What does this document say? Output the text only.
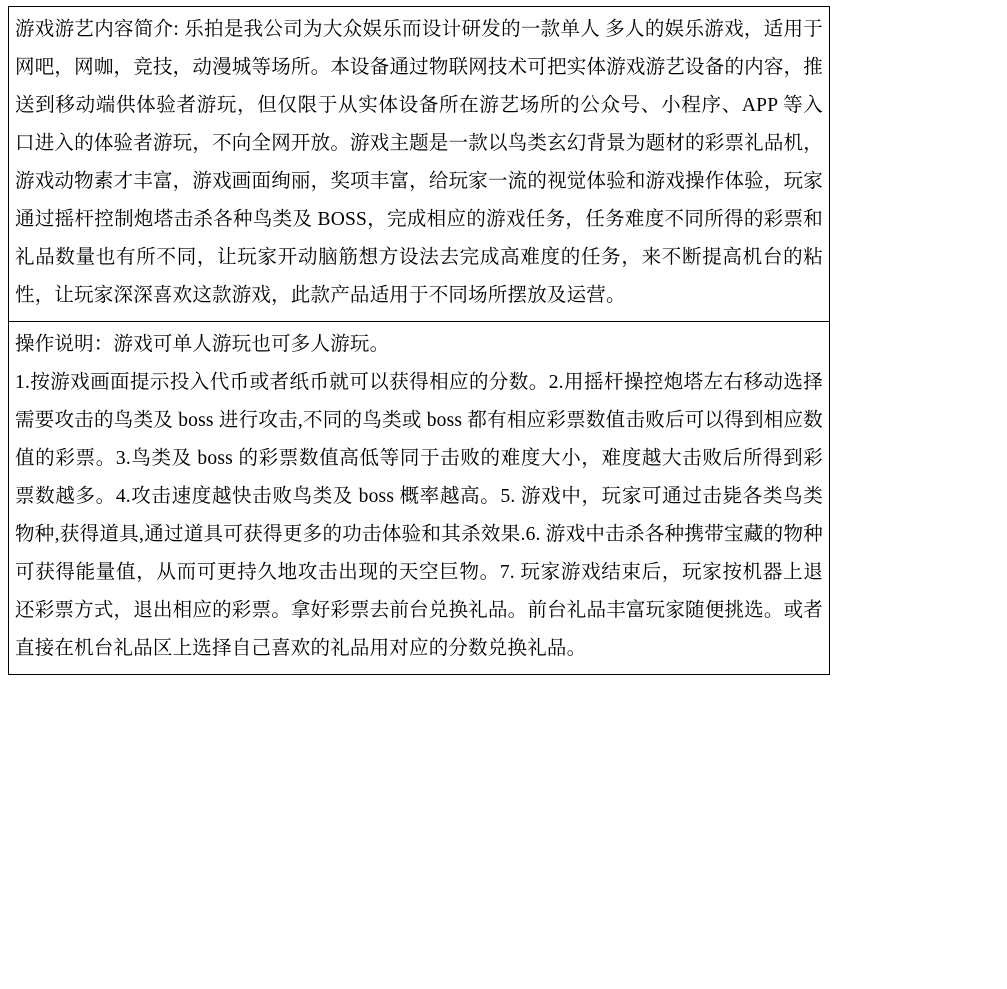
游戏游艺内容简介: 乐拍是我公司为大众娱乐而设计研发的一款单人 多人的娱乐游戏，适用于网吧，网咖，竞技，动漫城等场所。本设备通过物联网技术可把实体游戏游艺设备的内容，推送到移动端供体验者游玩，但仅限于从实体设备所在游艺场所的公众号、小程序、APP 等入口进入的体验者游玩，不向全网开放。游戏主题是一款以鸟类玄幻背景为题材的彩票礼品机，游戏动物素才丰富，游戏画面绚丽，奖项丰富，给玩家一流的视觉体验和游戏操作体验，玩家通过摇杆控制炮塔击杀各种鸟类及 BOSS，完成相应的游戏任务，任务难度不同所得的彩票和礼品数量也有所不同，让玩家开动脑筋想方设法去完成高难度的任务，来不断提高机台的粘性，让玩家深深喜欢这款游戏，此款产品适用于不同场所摆放及运营。

操作说明：游戏可单人游玩也可多人游玩。

1.按游戏画面提示投入代币或者纸币就可以获得相应的分数。2.用摇杆操控炮塔左右移动选择需要攻击的鸟类及 boss 进行攻击,不同的鸟类或 boss 都有相应彩票数值击败后可以得到相应数值的彩票。3.鸟类及 boss 的彩票数值高低等同于击败的难度大小，难度越大击败后所得到彩票数越多。4.攻击速度越快击败鸟类及 boss 概率越高。5. 游戏中，玩家可通过击毙各类鸟类物种,获得道具,通过道具可获得更多的功击体验和其杀效果.6. 游戏中击杀各种携带宝藏的物种可获得能量值，从而可更持久地攻击出现的天空巨物。7. 玩家游戏结束后，玩家按机器上退还彩票方式，退出相应的彩票。拿好彩票去前台兑换礼品。前台礼品丰富玩家随便挑选。或者直接在机台礼品区上选择自己喜欢的礼品用对应的分数兑换礼品。
